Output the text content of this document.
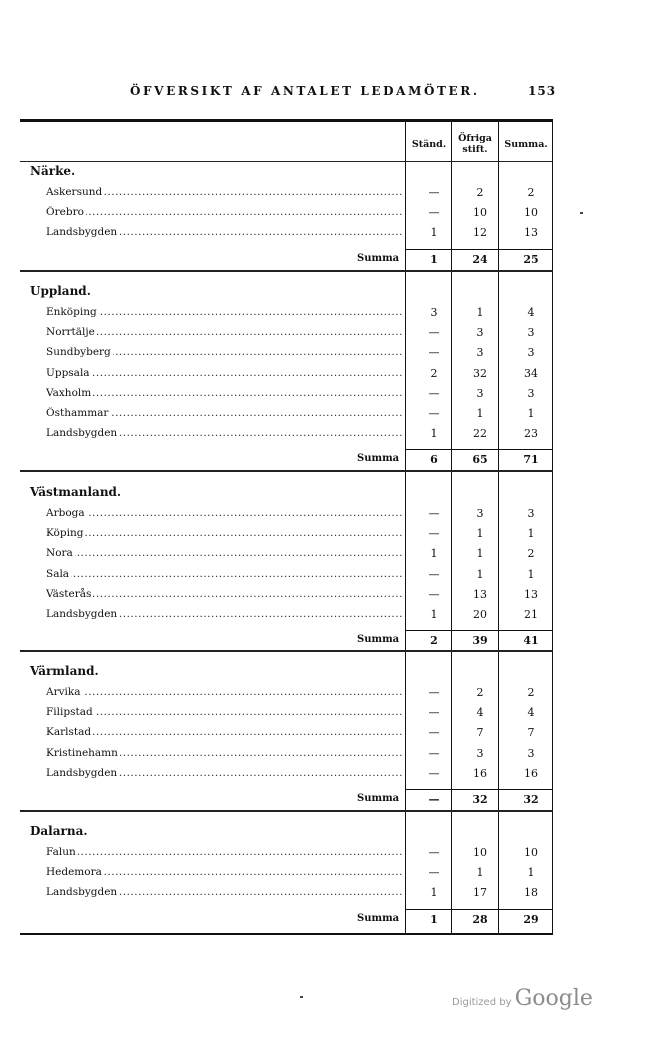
ÖFVERSIKT AF ANTALET LEDAMÖTER.	153
Ständ.
Öfriga stift.	Summa.
Närke.
Askersund .....	—	2	2
Örebro .....	—	10	10
Landsbygden .....	1	12	13
Summa	1	24	25
Uppland.
Enköping .....	3	1	4
Norrtälje .....	—	3	3
Sundbyberg .....	—	3	3
Uppsala .....	2	32	34
Vaxholm .....	—	3	3
Östhammar .....	—	1	1
Landsbygden .....	1	22	23
Summa	6	65	71
Västmanland.
Arboga .....	—	3	3
Köping .....	—	1	1
Nora .....	1	1	2
Sala .....	—	1	1
Västerås .....	—	13	13
Landsbygden .....	1	20	21
Summa	2	39	41
Värmland.
Arvika .....	—	2	2
Filipstad .....	—	4	4
Karlstad .....	—	7	7
Kristinehamn .....	—	3	3
Landsbygden .....	—	16	16
Summa	—	32	32
Dalarna.
Falun .....	—	10	10
Hedemora .....	—	1	1
Landsbygden .....	1	17	18
Summa	1	28	29
Digitized by Google
